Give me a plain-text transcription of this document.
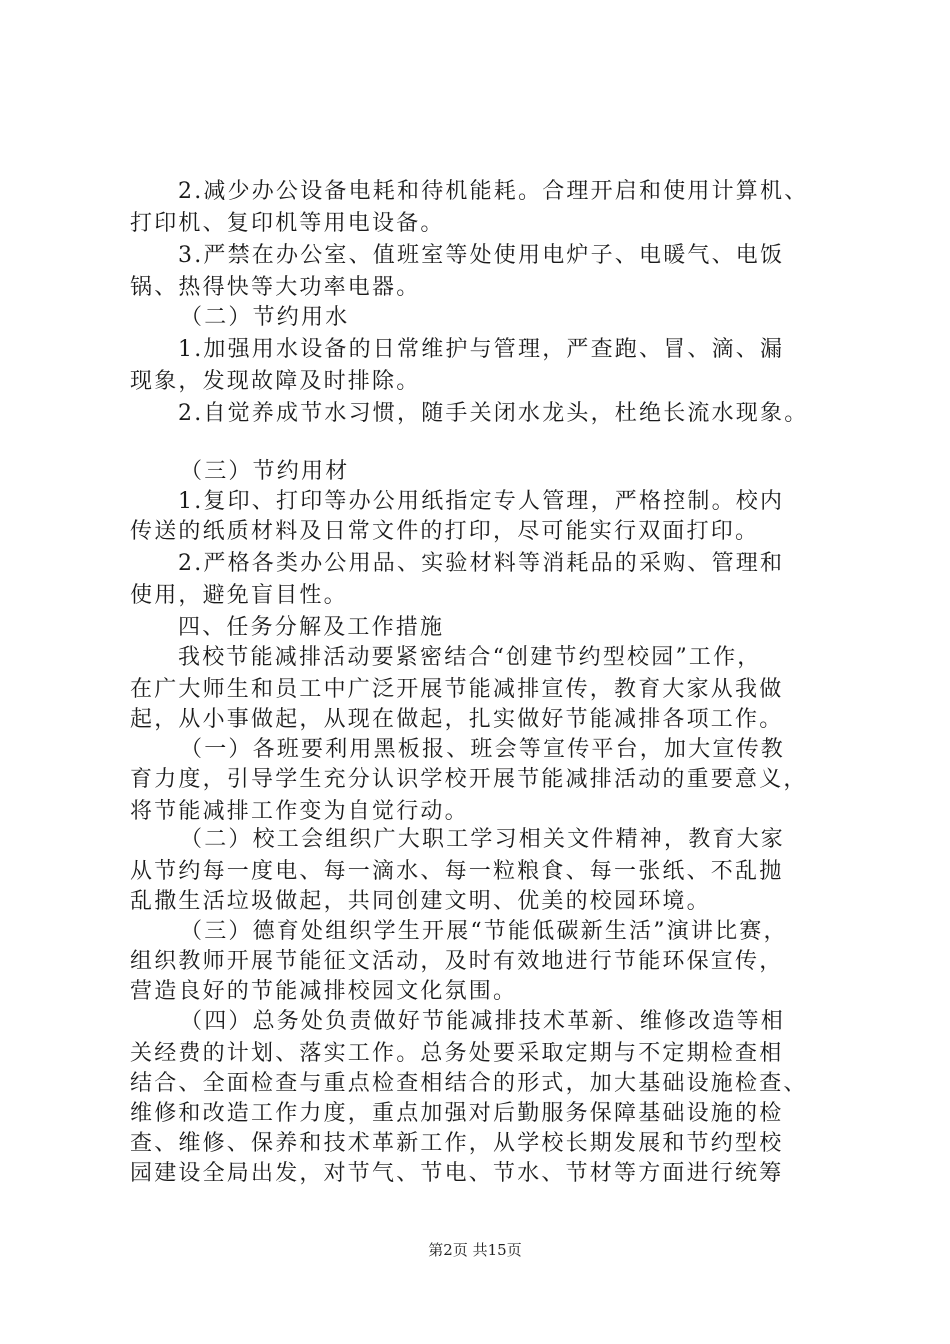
2.减少办公设备电耗和待机能耗。合理开启和使用计算机、
打印机、复印机等用电设备。
3.严禁在办公室、值班室等处使用电炉子、电暖气、电饭
锅、热得快等大功率电器。
（二）节约用水
1.加强用水设备的日常维护与管理，严查跑、冒、滴、漏
现象，发现故障及时排除。
2.自觉养成节水习惯，随手关闭水龙头，杜绝长流水现象。
（三）节约用材
1.复印、打印等办公用纸指定专人管理，严格控制。校内
传送的纸质材料及日常文件的打印，尽可能实行双面打印。
2.严格各类办公用品、实验材料等消耗品的采购、管理和
使用，避免盲目性。
四、任务分解及工作措施
我校节能减排活动要紧密结合“创建节约型校园”工作，
在广大师生和员工中广泛开展节能减排宣传，教育大家从我做
起，从小事做起，从现在做起，扎实做好节能减排各项工作。
（一）各班要利用黑板报、班会等宣传平台，加大宣传教
育力度，引导学生充分认识学校开展节能减排活动的重要意义，
将节能减排工作变为自觉行动。
（二）校工会组织广大职工学习相关文件精神，教育大家
从节约每一度电、每一滴水、每一粒粮食、每一张纸、不乱抛
乱撒生活垃圾做起，共同创建文明、优美的校园环境。
（三）德育处组织学生开展“节能低碳新生活”演讲比赛，
组织教师开展节能征文活动，及时有效地进行节能环保宣传，
营造良好的节能减排校园文化氛围。
（四）总务处负责做好节能减排技术革新、维修改造等相
关经费的计划、落实工作。总务处要采取定期与不定期检查相
结合、全面检查与重点检查相结合的形式，加大基础设施检查、
维修和改造工作力度，重点加强对后勤服务保障基础设施的检
查、维修、保养和技术革新工作，从学校长期发展和节约型校
园建设全局出发，对节气、节电、节水、节材等方面进行统筹
第2页 共15页
